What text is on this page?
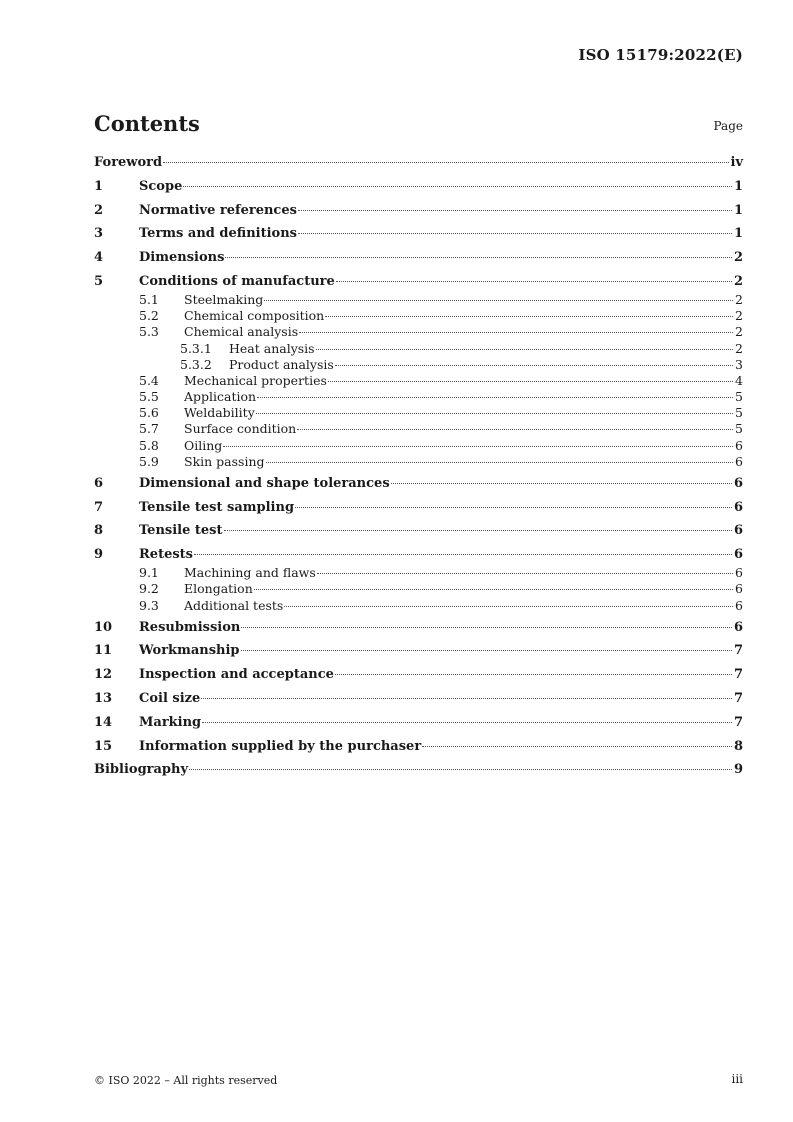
ISO 15179:2022(E)
Contents	Page
Foreword	iv
1	Scope	1
2	Normative references	1
3	Terms and definitions	1
4	Dimensions	2
5	Conditions of manufacture	2
5.1	Steelmaking	2
5.2	Chemical composition	2
5.3	Chemical analysis	2
5.3.1	Heat analysis	2
5.3.2	Product analysis	3
5.4	Mechanical properties	4
5.5	Application	5
5.6	Weldability	5
5.7	Surface condition	5
5.8	Oiling	6
5.9	Skin passing	6
6	Dimensional and shape tolerances	6
7	Tensile test sampling	6
8	Tensile test	6
9	Retests	6
9.1	Machining and flaws	6
9.2	Elongation	6
9.3	Additional tests	6
10	Resubmission	6
11	Workmanship	7
12	Inspection and acceptance	7
13	Coil size	7
14	Marking	7
15	Information supplied by the purchaser	8
Bibliography	9
© ISO 2022 – All rights reserved	iii
